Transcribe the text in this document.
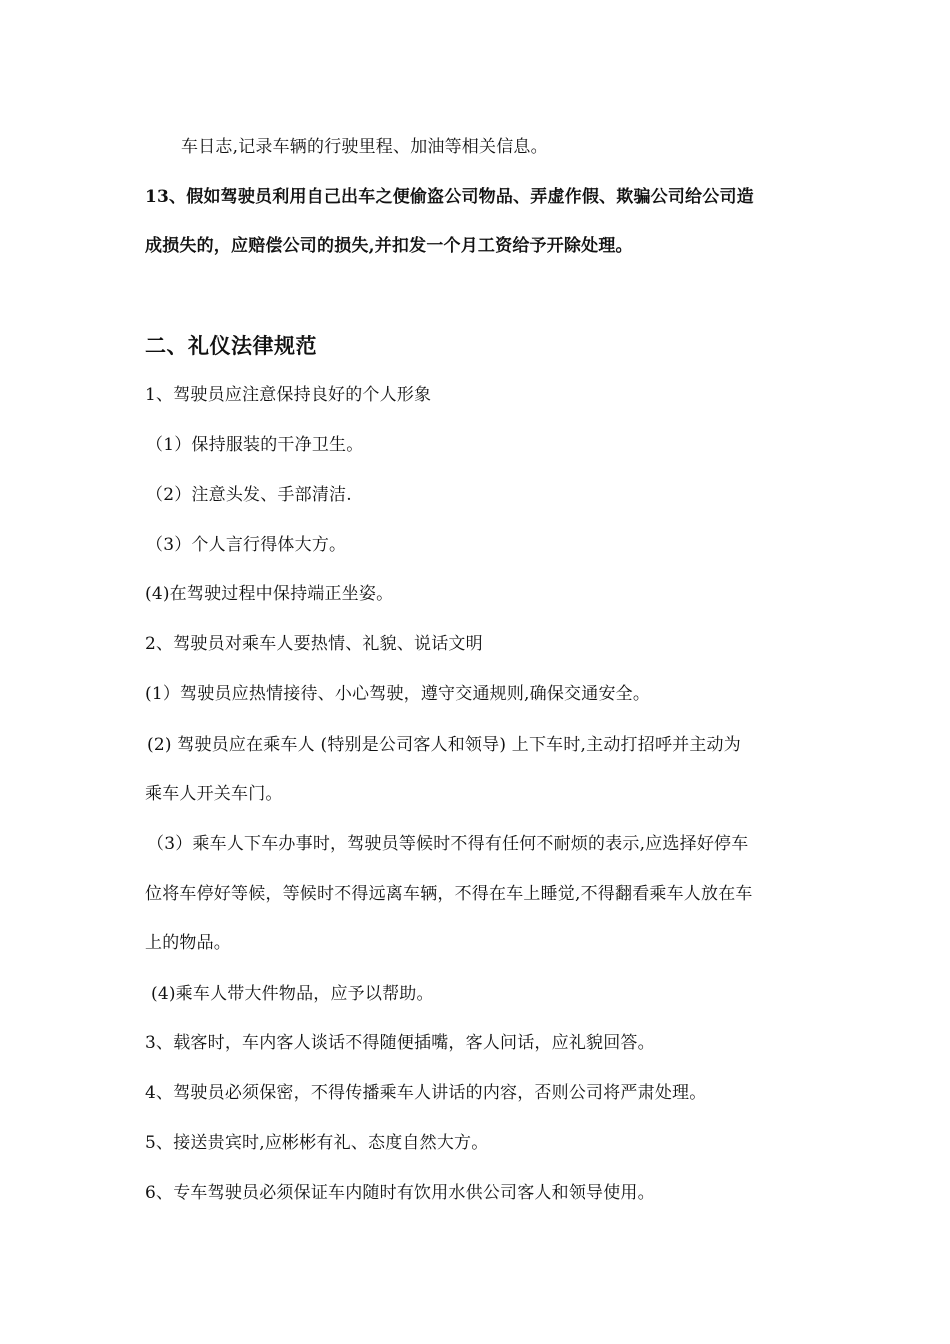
车日志,记录车辆的行驶里程、加油等相关信息。
13、假如驾驶员利用自己出车之便偷盗公司物品、弄虚作假、欺骗公司给公司造
成损失的，应赔偿公司的损失,并扣发一个月工资给予开除处理。
二、礼仪法律规范
1、驾驶员应注意保持良好的个人形象
（1）保持服装的干净卫生。
（2）注意头发、手部清洁.
（3）个人言行得体大方。
(4)在驾驶过程中保持端正坐姿。
2、驾驶员对乘车人要热情、礼貌、说话文明
(1）驾驶员应热情接待、小心驾驶，遵守交通规则,确保交通安全。
(2) 驾驶员应在乘车人 (特别是公司客人和领导) 上下车时,主动打招呼并主动为
乘车人开关车门。
（3）乘车人下车办事时，驾驶员等候时不得有任何不耐烦的表示,应选择好停车
位将车停好等候，等候时不得远离车辆，不得在车上睡觉,不得翻看乘车人放在车
上的物品。
(4)乘车人带大件物品，应予以帮助。
3、载客时，车内客人谈话不得随便插嘴，客人问话，应礼貌回答。
4、驾驶员必须保密，不得传播乘车人讲话的内容，否则公司将严肃处理。
5、接送贵宾时,应彬彬有礼、态度自然大方。
6、专车驾驶员必须保证车内随时有饮用水供公司客人和领导使用。
